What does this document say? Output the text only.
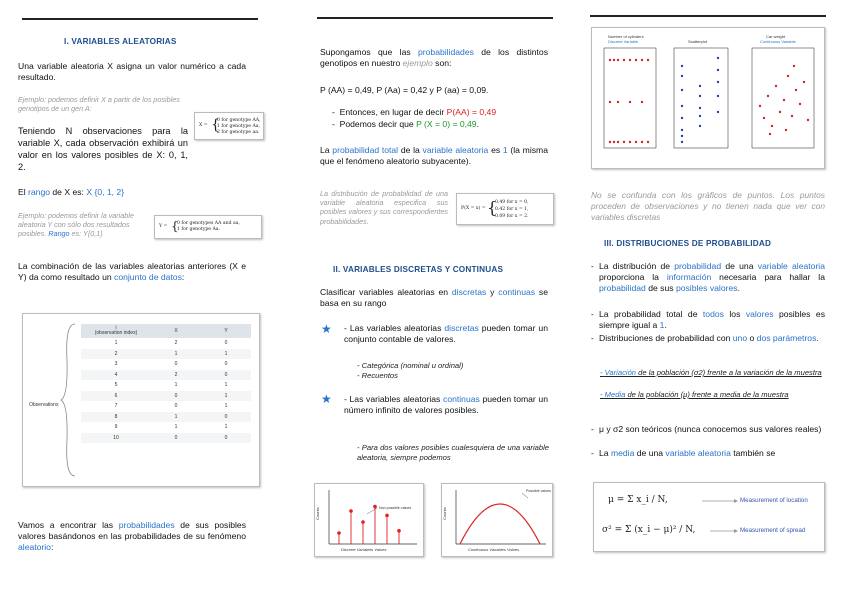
I. VARIABLES ALEATORIAS
Una variable aleatoria X asigna un valor numérico a cada resultado.
Ejemplo: podemos definir X a partir de los posibles genotipos de un gen A:
X = {
0 for genotype AA,
1 for genotype Aa,
2 for genotype aa.
Teniendo N observaciones para la variable X, cada observación exhibirá un valor en los valores posibles de X: 0, 1, 2.
El rango de X es: X {0, 1, 2}
Ejemplo: podemos definir la variable aleatoria Y con sólo dos resultados posibles. Rango es: Y{0,1}
Y = {
0 for genotypes AA and aa,
1 for genotype Aa.
La combinación de las variables aleatorias anteriores (X e Y) da como resultado un conjunto de datos:
Observations
i
(observation index)	X	Y
1	2	0
2	1	1
3	0	0
4	2	0
5	1	1
6	0	1
7	0	1
8	1	0
9	1	1
10	0	0
Vamos a encontrar las probabilidades de sus posibles valores basándonos en las probabilidades de su fenómeno aleatorio:
Supongamos que las probabilidades de los distintos genotipos en nuestro ejemplo son:
P (AA) = 0,49, P (Aa) = 0,42 y P (aa) = 0,09.
-  Entonces, en lugar de decir P(AA) = 0,49
-  Podemos decir que P (X = 0) = 0,49.
La probabilidad total de la variable aleatoria es 1 (la misma que el fenómeno aleatorio subyacente).
La distribución de probabilidad de una variable aleatoria especifica sus posibles valores y sus correspondientes probabilidades.
P(X = x) = {
0.49 for x = 0,
0.42 for x = 1,
0.09 for x = 2.
II. VARIABLES DISCRETAS Y CONTINUAS
Clasificar variables aleatorias en discretas y continuas se basa en su rango
★ - Las variables aleatorias discretas pueden tomar un conjunto contable de valores.
- Categórica (nominal u ordinal)
- Recuentos
★ - Las variables aleatorias continuas pueden tomar un número infinito de valores posibles.
- Para dos valores posibles cualesquiera de una variable aleatoria, siempre podemos
Counts
Discrete Variables Values
Non possible values	Counts
Continuous Variables Values
Possible values
Number of cylinders
Discrete Variable	Scatterplot
Car weight
Continuous Variable
No se confunda con los gráficos de puntos. Los puntos proceden de observaciones y no tienen nada que ver con variables discretas
III. DISTRIBUCIONES DE PROBABILIDAD
- La distribución de probabilidad de una variable aleatoria proporciona la información necesaria para hallar la probabilidad de sus posibles valores.
- La probabilidad total de todos los valores posibles es siempre igual a 1.
- Distribuciones de probabilidad con uno o dos parámetros.
- Variación de la población (σ2) frente a la variación de la muestra
- Media de la población (μ) frente a media de la muestra
- μ y σ2 son teóricos (nunca conocemos sus valores reales)
- La media de una variable aleatoria también se
μ = Σ x_i / N,
σ² = Σ (x_i − μ)² / N,
Measurement of location
Measurement of spread
